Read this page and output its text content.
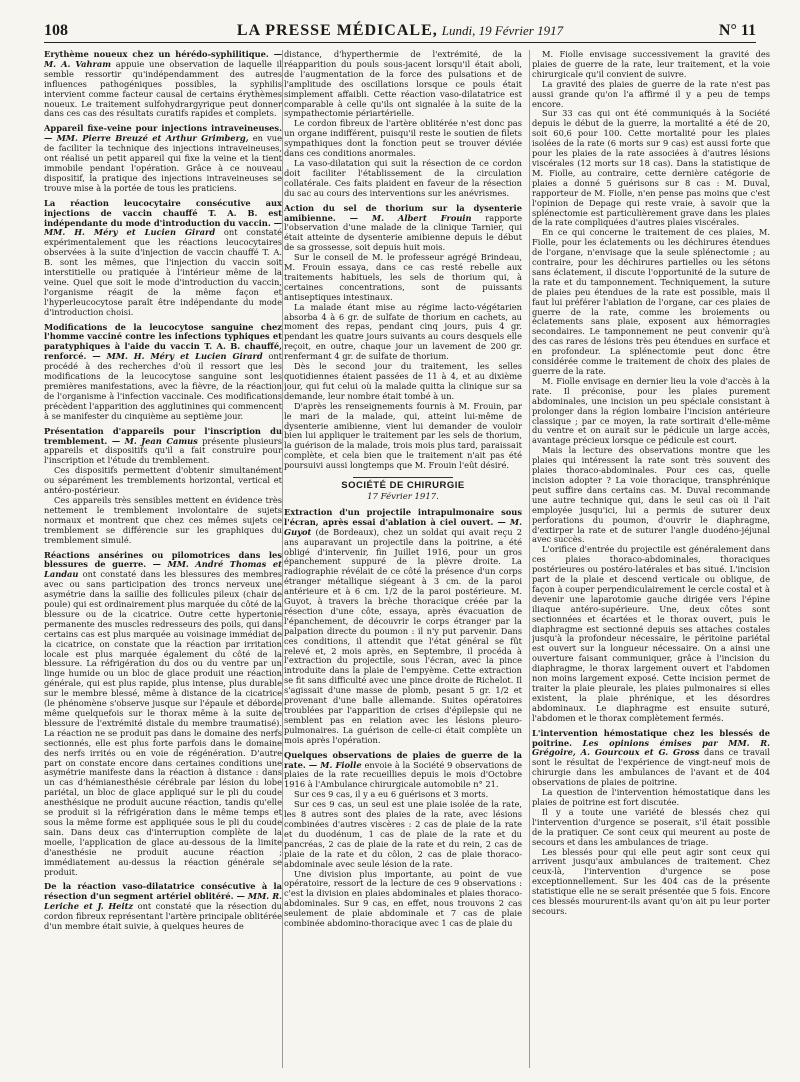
108	LA PRESSE MÉDICALE, Lundi, 19 Février 1917	N° 11

Erythème noueux chez un hérédo-syphilitique. — M. A. Vahram appuie une observation de laquelle il semble ressortir qu'indépendamment des autres influences pathogéniques possibles, la syphilis intervient comme facteur causal de certains érythèmes noueux. Le traitement sulfohydrargyrique peut donner dans ces cas des résultats curatifs rapides et complets.

Appareil fixe-veine pour injections intraveineuses. — MM. Pierre Breuzé et Arthur Grimberg, en vue de faciliter la technique des injections intraveineuses, ont réalisé un petit appareil qui fixe la veine et la tient immobile pendant l'opération. Grâce à ce nouveau dispositif, la pratique des injections intraveineuses se trouve mise à la portée de tous les praticiens.

La réaction leucocytaire consécutive aux injections de vaccin chauffé T. A. B. est indépendante du mode d'introduction du vaccin. — MM. H. Méry et Lucien Girard ont constaté expérimentalement que les réactions leucocytaires observées à la suite d'injection de vaccin chauffé T. A. B. sont les mêmes, que l'injection du vaccin soit interstitielle ou pratiquée à l'intérieur même de la veine. Quel que soit le mode d'introduction du vaccin, l'organisme réagit de la même façon et l'hyperleucocytose paraît être indépendante du mode d'introduction choisi.

Modifications de la leucocytose sanguine chez l'homme vacciné contre les infections typhiques et paratyphiques à l'aide du vaccin T. A. B. chauffé, renforcé. — MM. H. Méry et Lucien Girard ont procédé à des recherches d'où il ressort que les modifications de la leucocytose sanguine sont les premières manifestations, avec la fièvre, de la réaction de l'organisme à l'infection vaccinale. Ces modifications précèdent l'apparition des agglutinines qui commencent à se manifester du cinquième au septième jour.

Présentation d'appareils pour l'inscription du tremblement. — M. Jean Camus présente plusieurs appareils et dispositifs qu'il a fait construire pour l'inscription et l'étude du tremblement.

Ces dispositifs permettent d'obtenir simultanément ou séparément les tremblements horizontal, vertical et antéro-postérieur.

Ces appareils très sensibles mettent en évidence très nettement le tremblement involontaire de sujets normaux et montrent que chez ces mêmes sujets ce tremblement se différencie sur les graphiques du tremblement simulé.

Réactions ansérines ou pilomotrices dans les blessures de guerre. — MM. André Thomas et Landau ont constaté dans les blessures des membres avec ou sans participation des troncs nerveux une asymétrie dans la saillie des follicules pileux (chair de poule) qui est ordinairement plus marquée du côté de la blessure ou de la cicatrice. Outre cette hypertonie permanente des muscles redresseurs des poils, qui dans certains cas est plus marquée au voisinage immédiat de la cicatrice, on constate que la réaction par irritation locale est plus marquée également du côté de la blessure. La réfrigération du dos ou du ventre par un linge humide ou un bloc de glace produit une réaction générale, qui est plus rapide, plus intense, plus durable sur le membre blessé, même à distance de la cicatrice (le phénomène s'observe jusque sur l'épaule et déborde même quelquefois sur le thorax même à la suite de blessure de l'extrémité distale du membre traumatisé). La réaction ne se produit pas dans le domaine des nerfs sectionnés, elle est plus forte parfois dans le domaine des nerfs irrités ou en voie de régénération. D'autre part on constate encore dans certaines conditions une asymétrie manifeste dans la réaction à distance : dans un cas d'hémianesthésie cérébrale par lésion du lobe pariétal, un bloc de glace appliqué sur le pli du coude anesthésique ne produit aucune réaction, tandis qu'elle se produit si la réfrigération dans le même temps et sous la même forme est appliquée sous le pli du coude sain. Dans deux cas d'interruption complète de la moelle, l'application de glace au-dessous de la limite d'anesthésie ne produit aucune réaction ; immédiatement au-dessus la réaction générale se produit.

De la réaction vaso-dilatatrice consécutive à la résection d'un segment artériel oblitéré. — MM. R. Leriche et J. Heitz ont constaté que la résection du cordon fibreux représentant l'artère principale oblitérée d'un membre était suivie, à quelques heures de

distance, d'hyperthermie de l'extrémité, de la réapparition du pouls sous-jacent lorsqu'il était aboli, de l'augmentation de la force des pulsations et de l'amplitude des oscillations lorsque ce pouls était simplement affaibli. Cette réaction vaso-dilatatrice est comparable à celle qu'ils ont signalée à la suite de la sympathectomie périartérielle.

Le cordon fibreux de l'artère oblitérée n'est donc pas un organe indifférent, puisqu'il reste le soutien de filets sympathiques dont la fonction peut se trouver déviée dans ces conditions anormales.

La vaso-dilatation qui suit la résection de ce cordon doit faciliter l'établissement de la circulation collatérale. Ces faits plaident en faveur de la résection du sac au cours des interventions sur les anévrismes.

Action du sel de thorium sur la dysenterie amibienne. — M. Albert Frouin rapporte l'observation d'une malade de la clinique Tarnier, qui était atteinte de dysenterie amibienne depuis le début de sa grossesse, soit depuis huit mois.

Sur le conseil de M. le professeur agrégé Brindeau, M. Frouin essaya, dans ce cas resté rebelle aux traitements habituels, les sels de thorium qui, à certaines concentrations, sont de puissants antiseptiques intestinaux.

La malade étant mise au régime lacto-végétarien absorba 4 à 6 gr. de sulfate de thorium en cachets, au moment des repas, pendant cinq jours, puis 4 gr. pendant les quatre jours suivants au cours desquels elle reçoit, en outre, chaque jour un lavement de 200 gr. renfermant 4 gr. de sulfate de thorium.

Dès le second jour du traitement, les selles quotidiennes étaient passées de 11 à 4, et au dixième jour, qui fut celui où la malade quitta la clinique sur sa demande, leur nombre était tombé à un.

D'après les renseignements fournis à M. Frouin, par le mari de la malade, qui, atteint lui-même de dysenterie amibienne, vient lui demander de vouloir bien lui appliquer le traitement par les sels de thorium, la guérison de la malade, trois mois plus tard, paraissait complète, et cela bien que le traitement n'ait pas été poursuivi aussi longtemps que M. Frouin l'eût désiré.

SOCIÉTÉ DE CHIRURGIE
17 Février 1917.

Extraction d'un projectile intrapulmonaire sous l'écran, après essai d'ablation à ciel ouvert. — M. Guyot (de Bordeaux), chez un soldat qui avait reçu 2 ans auparavant un projectile dans la poitrine, a été obligé d'intervenir, fin Juillet 1916, pour un gros épanchement suppuré de la plèvre droite. La radiographie révélait de ce côté la présence d'un corps étranger métallique siégeant à 3 cm. de la paroi antérieure et à 6 cm. 1/2 de la paroi postérieure. M. Guyot, à travers la brèche thoracique créée par la résection d'une côte, essaya, après évacuation de l'épanchement, de découvrir le corps étranger par la palpation directe du poumon : il n'y put parvenir. Dans ces conditions, il attendit que l'état général se fût relevé et, 2 mois après, en Septembre, il procéda à l'extraction du projectile, sous l'écran, avec la pince introduite dans la plaie de l'empyème. Cette extraction se fit sans difficulté avec une pince droite de Richelot. Il s'agissait d'une masse de plomb, pesant 5 gr. 1/2 et provenant d'une balle allemande. Suites opératoires troublées par l'apparition de crises d'épilepsie qui ne semblent pas en relation avec les lésions pleuro-pulmonaires. La guérison de celle-ci était complète un mois après l'opération.

Quelques observations de plaies de guerre de la rate. — M. Fiolle envoie à la Société 9 observations de plaies de la rate recueillies depuis le mois d'Octobre 1916 à l'Ambulance chirurgicale automobile n° 21.

Sur ces 9 cas, il y a eu 6 guérisons et 3 morts.

Sur ces 9 cas, un seul est une plaie isolée de la rate, les 8 autres sont des plaies de la rate, avec lésions combinées d'autres viscères : 2 cas de plaie de la rate et du duodénum, 1 cas de plaie de la rate et du pancréas, 2 cas de plaie de la rate et du rein, 2 cas de plaie de la rate et du côlon, 2 cas de plaie thoraco-abdominale avec seule lésion de la rate.

Une division plus importante, au point de vue opératoire, ressort de la lecture de ces 9 observations : c'est la division en plaies abdominales et plaies thoraco-abdominales. Sur 9 cas, en effet, nous trouvons 2 cas seulement de plaie abdominale et 7 cas de plaie combinée abdomino-thoracique avec 1 cas de plaie du

M. Fiolle envisage successivement la gravité des plaies de guerre de la rate, leur traitement, et la voie chirurgicale qu'il convient de suivre.

La gravité des plaies de guerre de la rate n'est pas aussi grande qu'on l'a affirmé il y a peu de temps encore.

Sur 33 cas qui ont été communiqués à la Société depuis le début de la guerre, la mortalité a été de 20, soit 60,6 pour 100. Cette mortalité pour les plaies isolées de la rate (6 morts sur 9 cas) est aussi forte que pour les plaies de la rate associées à d'autres lésions viscérales (12 morts sur 18 cas). Dans la statistique de M. Fiolle, au contraire, cette dernière catégorie de plaies a donné 5 guérisons sur 8 cas : M. Duval, rapporteur de M. Fiolle, n'en pense pas moins que c'est l'opinion de Depage qui reste vraie, à savoir que la splénectomie est particulièrement grave dans les plaies de la rate compliquées d'autres plaies viscérales.

En ce qui concerne le traitement de ces plaies, M. Fiolle, pour les éclatements ou les déchirures étendues de l'organe, n'envisage que la seule splénectomie ; au contraire, pour les déchirures partielles ou les sétons sans éclatement, il discute l'opportunité de la suture de la rate et du tamponnement. Techniquement, la suture de plaies peu étendues de la rate est possible, mais il faut lui préférer l'ablation de l'organe, car ces plaies de guerre de la rate, comme les broiements ou éclatements sans plaie, exposent aux hémorragies secondaires. Le tamponnement ne peut convenir qu'à des cas rares de lésions très peu étendues en surface et en profondeur. La splénectomie peut donc être considérée comme le traitement de choix des plaies de guerre de la rate.

M. Fiolle envisage en dernier lieu la voie d'accès à la rate. Il préconise, pour les plaies purement abdominales, une incision un peu spéciale consistant à prolonger dans la région lombaire l'incision antérieure classique ; par ce moyen, la rate sortirait d'elle-même du ventre et on aurait sur le pédicule un large accès, avantage précieux lorsque ce pédicule est court.

Mais la lecture des observations montre que les plaies qui intéressent la rate sont très souvent des plaies thoraco-abdominales. Pour ces cas, quelle incision adopter ? La voie thoracique, transphrénique peut suffire dans certains cas. M. Duval recommande une autre technique qui, dans le seul cas où il l'ait employée jusqu'ici, lui a permis de suturer deux perforations du poumon, d'ouvrir le diaphragme, d'extirper la rate et de suturer l'angle duodéno-jéjunal avec succès.

L'orifice d'entrée du projectile est généralement dans ces plaies thoraco-abdominales, thoraciques postérieures ou postéro-latérales et bas situé. L'incision part de la plaie et descend verticale ou oblique, de façon à couper perpendiculairement le cercle costal et à devenir une laparotomie gauche dirigée vers l'épine iliaque antéro-supérieure. Une, deux côtes sont sectionnées et écartées et le thorax ouvert, puis le diaphragme est sectionné depuis ses attaches costales jusqu'à la profondeur nécessaire, le péritoine pariétal est ouvert sur la longueur nécessaire. On a ainsi une ouverture faisant communiquer, grâce à l'incision du diaphragme, le thorax largement ouvert et l'abdomen non moins largement exposé. Cette incision permet de traiter la plaie pleurale, les plaies pulmonaires si elles existent, la plaie phrénique, et les désordres abdominaux. Le diaphragme est ensuite suturé, l'abdomen et le thorax complètement fermés.

L'intervention hémostatique chez les blessés de poitrine. Les opinions émises par MM. R. Grégoire, A. Gourcoux et G. Gross dans ce travail sont le résultat de l'expérience de vingt-neuf mois de chirurgie dans les ambulances de l'avant et de 404 observations de plaies de poitrine.

La question de l'intervention hémostatique dans les plaies de poitrine est fort discutée.

Il y a toute une variété de blessés chez qui l'intervention d'urgence se poserait, s'il était possible de la pratiquer. Ce sont ceux qui meurent au poste de secours et dans les ambulances de triage.

Les blessés pour qui elle peut agir sont ceux qui arrivent jusqu'aux ambulances de traitement. Chez ceux-là, l'intervention d'urgence se pose exceptionnellement. Sur les 404 cas de la présente statistique elle ne se serait présentée que 5 fois. Encore ces blessés moururent-ils avant qu'on ait pu leur porter secours.
